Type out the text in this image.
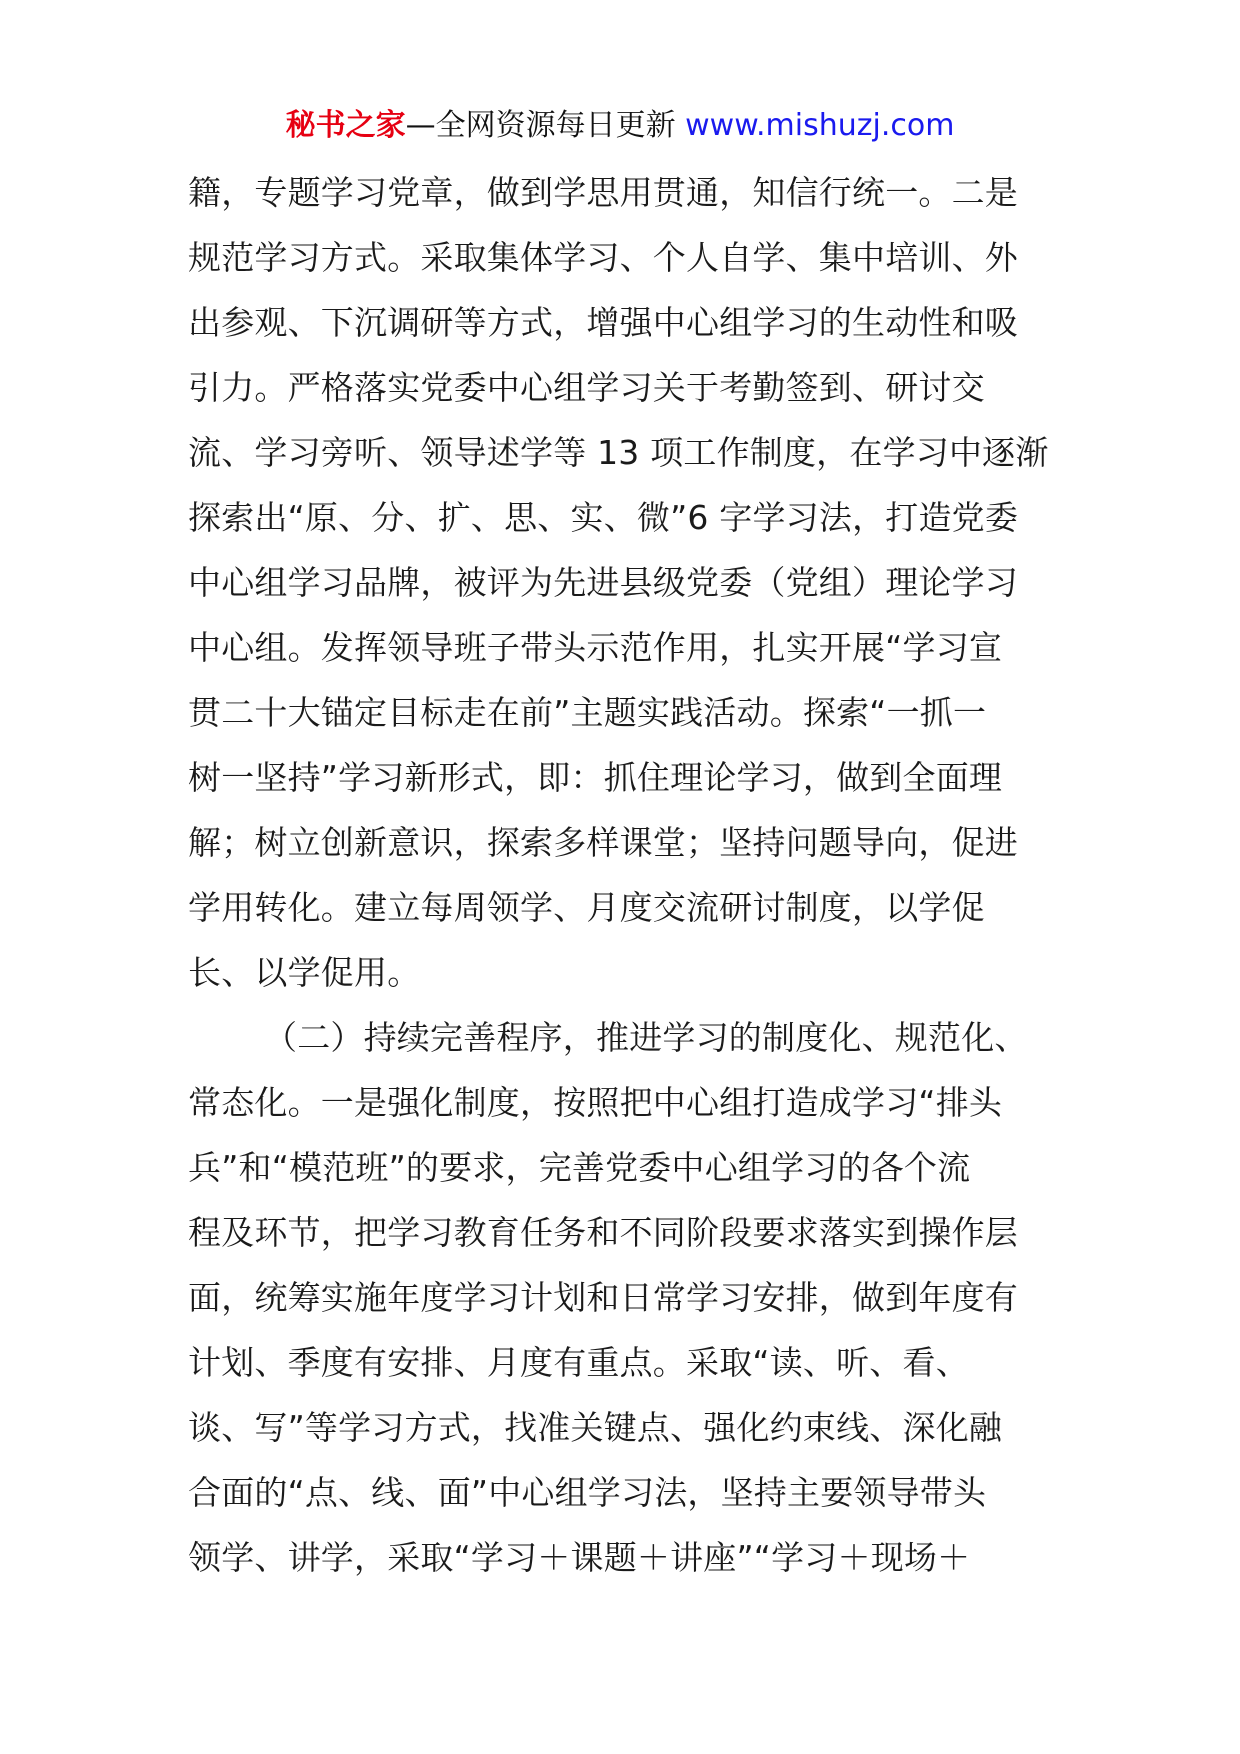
秘书之家—全网资源每日更新 www.mishuzj.com
籍，专题学习党章，做到学思用贯通，知信行统一。二是
规范学习方式。采取集体学习、个人自学、集中培训、外
出参观、下沉调研等方式，增强中心组学习的生动性和吸
引力。严格落实党委中心组学习关于考勤签到、研讨交
流、学习旁听、领导述学等 13 项工作制度，在学习中逐渐
探索出“原、分、扩、思、实、微”6 字学习法，打造党委
中心组学习品牌，被评为先进县级党委（党组）理论学习
中心组。发挥领导班子带头示范作用，扎实开展“学习宣
贯二十大锚定目标走在前”主题实践活动。探索“一抓一
树一坚持”学习新形式，即：抓住理论学习，做到全面理
解；树立创新意识，探索多样课堂；坚持问题导向，促进
学用转化。建立每周领学、月度交流研讨制度，以学促
长、以学促用。
（二）持续完善程序，推进学习的制度化、规范化、
常态化。一是强化制度，按照把中心组打造成学习“排头
兵”和“模范班”的要求，完善党委中心组学习的各个流
程及环节，把学习教育任务和不同阶段要求落实到操作层
面，统筹实施年度学习计划和日常学习安排，做到年度有
计划、季度有安排、月度有重点。采取“读、听、看、
谈、写”等学习方式，找准关键点、强化约束线、深化融
合面的“点、线、面”中心组学习法，坚持主要领导带头
领学、讲学，采取“学习＋课题＋讲座”“学习＋现场＋
